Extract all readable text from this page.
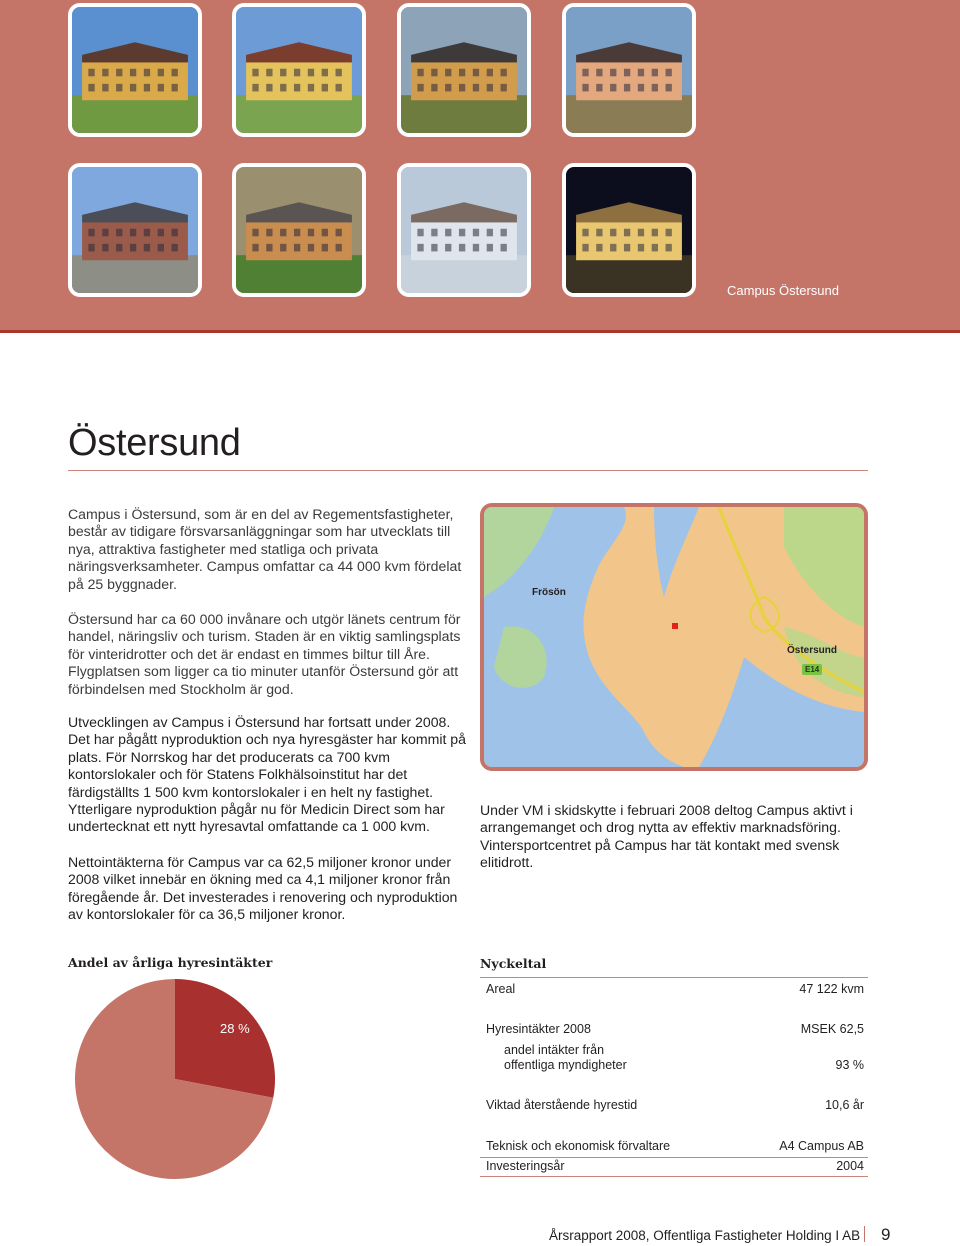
Campus Östersund
Östersund

Campus i Östersund, som är en del av Regementsfastigheter, består av tidigare försvarsanläggningar som har utvecklats till nya, attraktiva fastigheter med statliga och privata näringsverksamheter. Campus omfattar ca 44 000 kvm fördelat på 25 byggnader.

Östersund har ca 60 000 invånare och utgör länets centrum för handel, näringsliv och turism. Staden är en viktig samlingsplats för vinteridrotter och det är endast en timmes biltur till Åre. Flygplatsen som ligger ca tio minuter utanför Östersund gör att förbindelsen med Stockholm är god.

Utvecklingen av Campus i Östersund har fortsatt under 2008. Det har pågått nyproduktion och nya hyresgäster har kommit på plats. För Norrskog har det producerats ca 700 kvm kontorslokaler och för Statens Folkhälsoinstitut har det färdigställts 1 500 kvm kontorslokaler i en helt ny fastighet. Ytterligare nyproduktion pågår nu för Medicin Direct som har undertecknat ett nytt hyresavtal omfattande ca 1 000 kvm.

Nettointäkterna för Campus var ca 62,5 miljoner kronor under 2008 vilket innebär en ökning med ca 4,1 miljoner kronor från föregående år. Det investerades i renovering och nyproduktion av kontorslokaler för ca 36,5 miljoner kronor.

Under VM i skidskytte i februari 2008 deltog Campus aktivt i arrangemanget och drog nytta av effektiv marknadsföring. Vintersportcentret på Campus har tät kontakt med svensk elitidrott.

Frösön
Östersund
E14
Andel av årliga hyresintäkter
28 %
Nyckeltal
Areal	47 122 kvm
Hyresintäkter 2008	MSEK 62,5
andel intäkter från
offentliga myndigheter	93 %
Viktad återstående hyrestid	10,6 år
Teknisk och ekonomisk förvaltare	A4 Campus AB
Investeringsår	2004
Årsrapport 2008, Offentliga Fastigheter Holding I AB 9
